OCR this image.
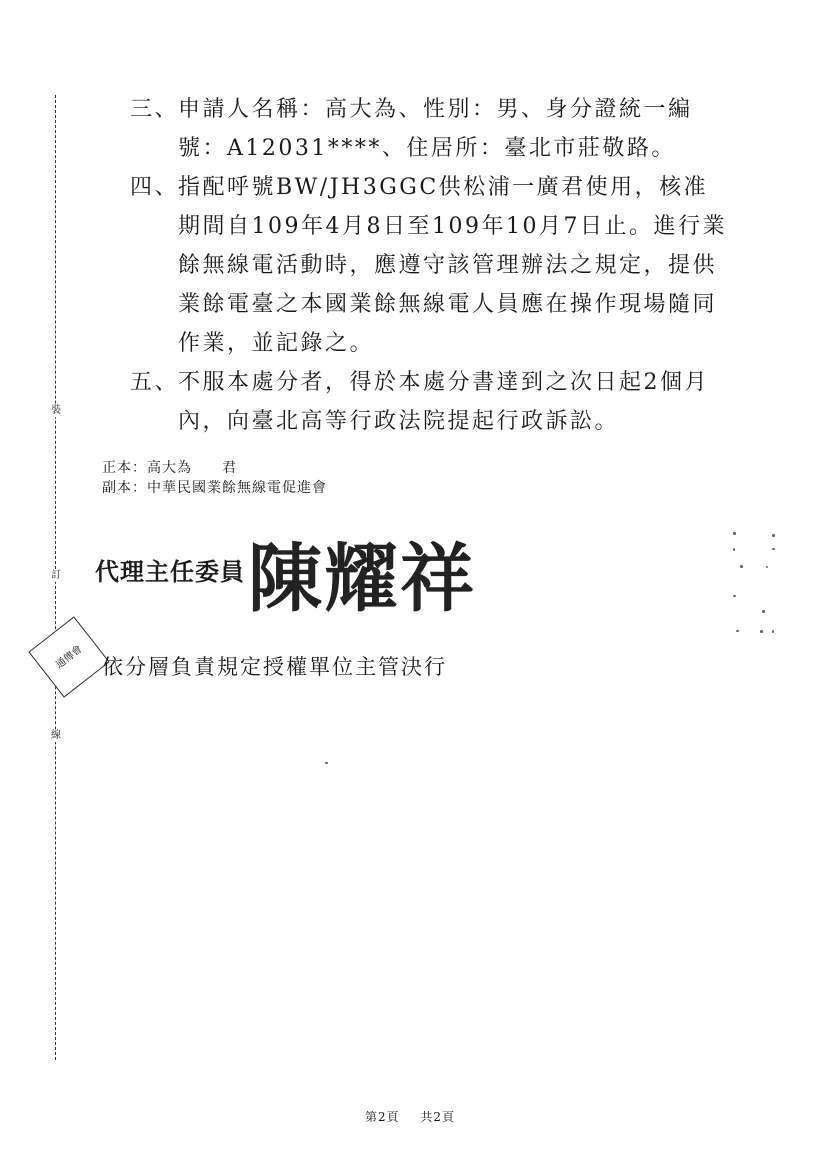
裝
訂
線
三、
申請人名稱：高大為、性別：男、身分證統一編號：A12031****、住居所：臺北市莊敬路。
四、
指配呼號BW/JH3GGC供松浦一廣君使用，核准期間自109年4月8日至109年10月7日止。進行業餘無線電活動時，應遵守該管理辦法之規定，提供業餘電臺之本國業餘無線電人員應在操作現場隨同作業，並記錄之。
五、
不服本處分者，得於本處分書達到之次日起2個月內，向臺北高等行政法院提起行政訴訟。
正本：高大為　　君
副本：中華民國業餘無線電促進會
代理主任委員 陳耀祥
通傳會 依分層負責規定授權單位主管決行
第2頁 共2頁
